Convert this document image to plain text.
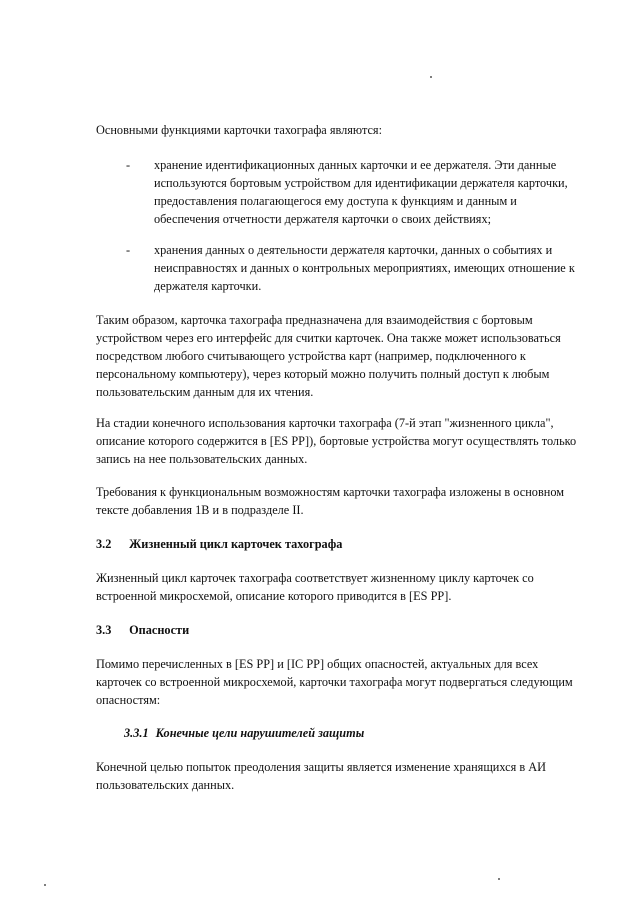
Основными функциями карточки тахографа являются:

- хранение идентификационных данных карточки и ее держателя. Эти данные используются бортовым устройством для идентификации держателя карточки, предоставления полагающегося ему доступа к функциям и данным и обеспечения отчетности держателя карточки о своих действиях;
- хранения данных о деятельности держателя карточки, данных о событиях и неисправностях и данных о контрольных мероприятиях, имеющих отношение к держателя карточки.

Таким образом, карточка тахографа предназначена для взаимодействия с бортовым устройством через его интерфейс для считки карточек. Она также может использоваться посредством любого считывающего устройства карт (например, подключенного к персональному компьютеру), через который можно получить полный доступ к любым пользовательским данным для их чтения.

На стадии конечного использования карточки тахографа (7-й этап "жизненного цикла", описание которого содержится в [ES PP]), бортовые устройства могут осуществлять только запись на нее пользовательских данных.

Требования к функциональным возможностям карточки тахографа изложены в основном тексте добавления 1В и в подразделе II.

3.2 Жизненный цикл карточек тахографа

Жизненный цикл карточек тахографа соответствует жизненному циклу карточек со встроенной микросхемой, описание которого приводится в [ES PP].

3.3 Опасности

Помимо перечисленных в [ES PP] и [IC PP] общих опасностей, актуальных для всех карточек со встроенной микросхемой, карточки тахографа могут подвергаться следующим опасностям:

3.3.1 Конечные цели нарушителей защиты

Конечной целью попыток преодоления защиты является изменение хранящихся в АИ пользовательских данных.
